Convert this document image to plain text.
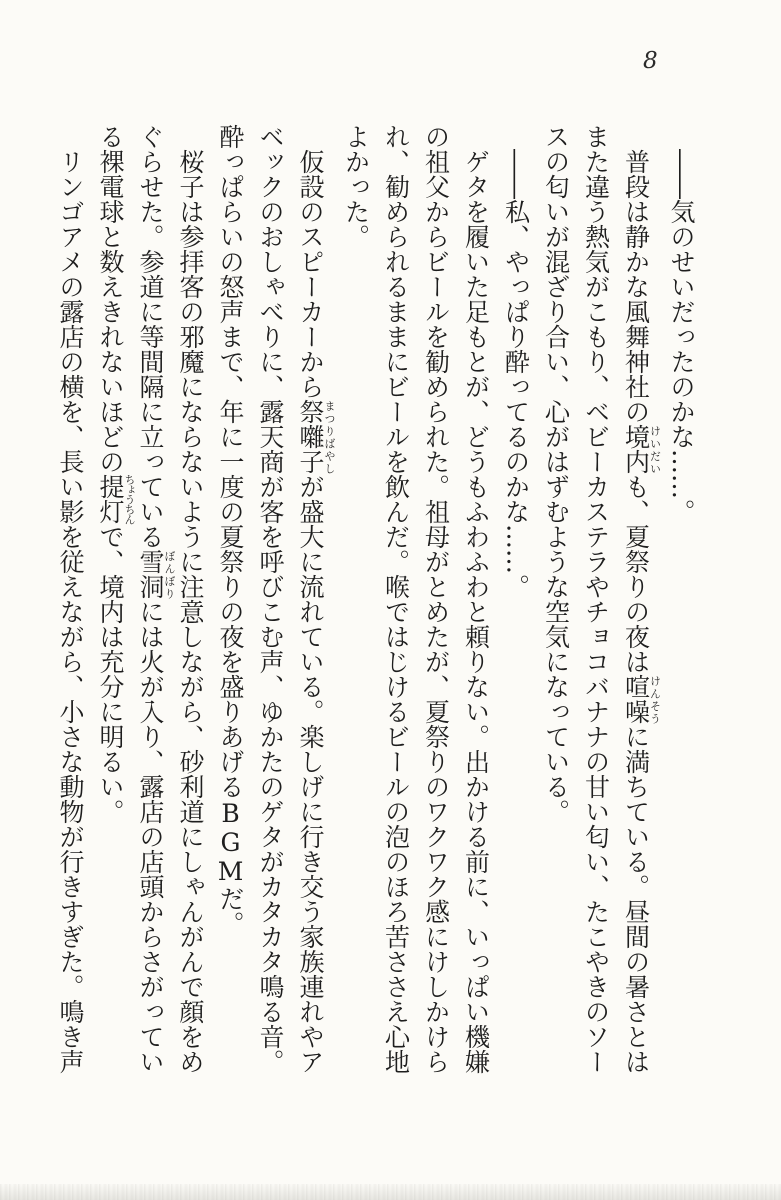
8

――気のせいだったのかな……。

普段は静かな風舞神社の境内けいだいも、夏祭りの夜は喧噪けんそうに満ちている。昼間の暑さとはまた違う熱気がこもり、ベビーカステラやチョコバナナの甘い匂い、たこやきのソースの匂いが混ざり合い、心がはずむような空気になっている。

――私、やっぱり酔ってるのかな……。

ゲタを履いた足もとが、どうもふわふわと頼りない。出かける前に、いっぱい機嫌の祖父からビールを勧められた。祖母がとめたが、夏祭りのワクワク感にけしかけられ、勧められるままにビールを飲んだ。喉ではじけるビールの泡のほろ苦ささえ心地よかった。

仮設のスピーカーから祭囃子まつりばやしが盛大に流れている。楽しげに行き交う家族連れやアベックのおしゃべりに、露天商が客を呼びこむ声、ゆかたのゲタがカタカタ鳴る音。酔っぱらいの怒声まで、年に一度の夏祭りの夜を盛りあげるBGMだ。

桜子は参拝客の邪魔にならないように注意しながら、砂利道にしゃんがんで顔をめぐらせた。参道に等間隔に立っている雪洞ぼんぼりには火が入り、露店の店頭からさがっている裸電球と数えきれないほどの提灯ちょうちんで、境内は充分に明るい。

リンゴアメの露店の横を、長い影を従えながら、小さな動物が行きすぎた。鳴き声
